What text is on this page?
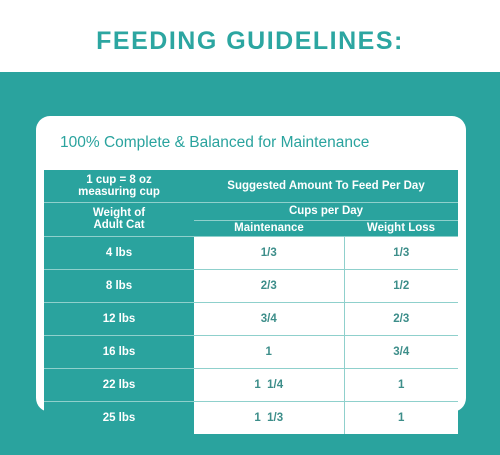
FEEDING GUIDELINES:
100% Complete & Balanced for Maintenance
1 cup = 8 oz
measuring cup	Suggested Amount To Feed Per Day	

Weight of
Adult Cat	Cups per Day	
	Maintenance	Weight Loss
4 lbs	1/3	1/3
8 lbs	2/3	1/2
12 lbs	3/4	2/3
16 lbs	1	3/4
22 lbs	1  1/4	1
25 lbs	1  1/3	1
